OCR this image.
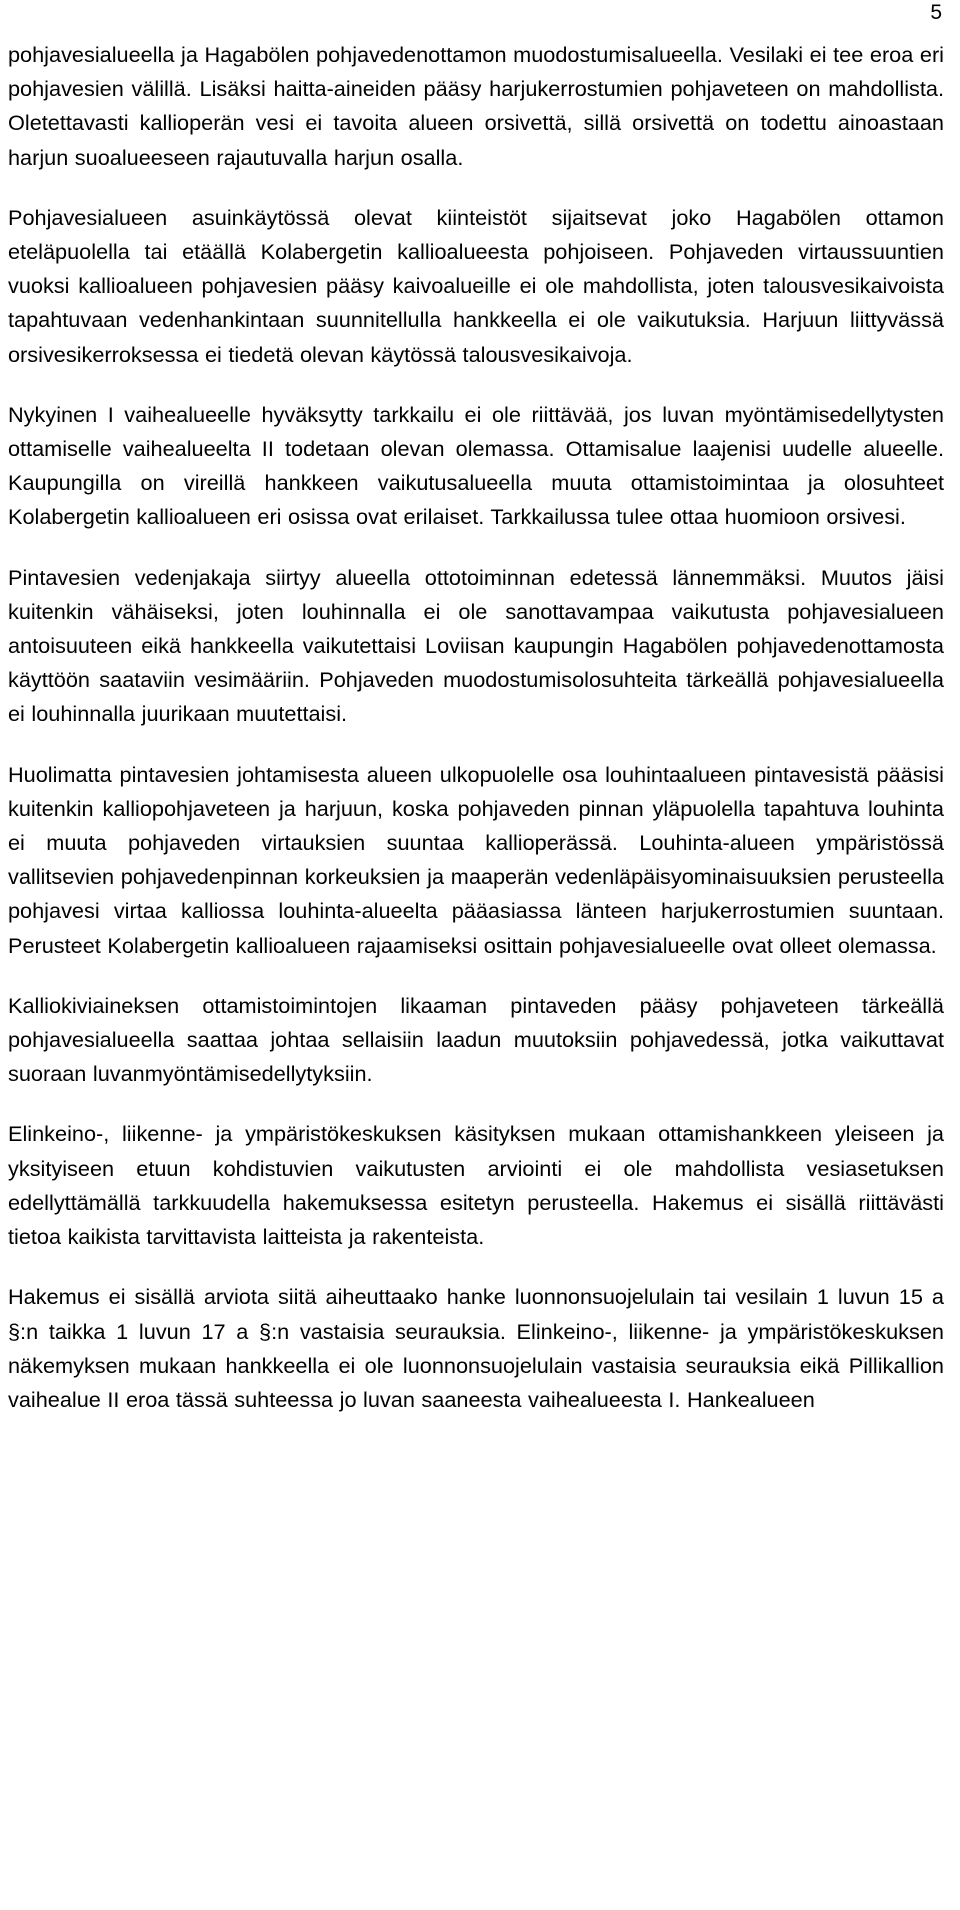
5

pohjavesialueella ja Hagabölen pohjavedenottamon muodostumisalueella. Vesilaki ei tee eroa eri pohjavesien välillä. Lisäksi haitta-aineiden pääsy harjukerrostumien pohjaveteen on mahdollista. Oletettavasti kallioperän vesi ei tavoita alueen orsivettä, sillä orsivettä on todettu ainoastaan harjun suoalueeseen rajautuvalla harjun osalla.

Pohjavesialueen asuinkäytössä olevat kiinteistöt sijaitsevat joko Hagabölen ottamon eteläpuolella tai etäällä Kolabergetin kallioalueesta pohjoiseen. Pohjaveden virtaussuuntien vuoksi kallioalueen pohjavesien pääsy kaivoalueille ei ole mahdollista, joten talousvesikaivoista tapahtuvaan vedenhankintaan suunnitellulla hankkeella ei ole vaikutuksia. Harjuun liittyvässä orsivesikerroksessa ei tiedetä olevan käytössä talousvesikaivoja.

Nykyinen I vaihealueelle hyväksytty tarkkailu ei ole riittävää, jos luvan myöntämisedellytysten ottamiselle vaihealueelta II todetaan olevan olemassa. Ottamisalue laajenisi uudelle alueelle. Kaupungilla on vireillä hankkeen vaikutusalueella muuta ottamistoimintaa ja olosuhteet Kolabergetin kallioalueen eri osissa ovat erilaiset. Tarkkailussa tulee ottaa huomioon orsivesi.

Pintavesien vedenjakaja siirtyy alueella ottotoiminnan edetessä lännemmäksi. Muutos jäisi kuitenkin vähäiseksi, joten louhinnalla ei ole sanottavampaa vaikutusta pohjavesialueen antoisuuteen eikä hankkeella vaikutettaisi Loviisan kaupungin Hagabölen pohjavedenottamosta käyttöön saataviin vesimääriin. Pohjaveden muodostumisolosuhteita tärkeällä pohjavesialueella ei louhinnalla juurikaan muutettaisi.

Huolimatta pintavesien johtamisesta alueen ulkopuolelle osa louhintaalueen pintavesistä pääsisi kuitenkin kalliopohjaveteen ja harjuun, koska pohjaveden pinnan yläpuolella tapahtuva louhinta ei muuta pohjaveden virtauksien suuntaa kallioperässä. Louhinta-alueen ympäristössä vallitsevien pohjavedenpinnan korkeuksien ja maaperän vedenläpäisyominaisuuksien perusteella pohjavesi virtaa kalliossa louhinta-alueelta pääasiassa länteen harjukerrostumien suuntaan. Perusteet Kolabergetin kallioalueen rajaamiseksi osittain pohjavesialueelle ovat olleet olemassa.

Kalliokiviaineksen ottamistoimintojen likaaman pintaveden pääsy pohjaveteen tärkeällä pohjavesialueella saattaa johtaa sellaisiin laadun muutoksiin pohjavedessä, jotka vaikuttavat suoraan luvanmyöntämisedellytyksiin.

Elinkeino-, liikenne- ja ympäristökeskuksen käsityksen mukaan ottamishankkeen yleiseen ja yksityiseen etuun kohdistuvien vaikutusten arviointi ei ole mahdollista vesiasetuksen edellyttämällä tarkkuudella hakemuksessa esitetyn perusteella. Hakemus ei sisällä riittävästi tietoa kaikista tarvittavista laitteista ja rakenteista.

Hakemus ei sisällä arviota siitä aiheuttaako hanke luonnonsuojelulain tai vesilain 1 luvun 15 a §:n taikka 1 luvun 17 a §:n vastaisia seurauksia. Elinkeino-, liikenne- ja ympäristökeskuksen näkemyksen mukaan hankkeella ei ole luonnonsuojelulain vastaisia seurauksia eikä Pillikallion vaihealue II eroa tässä suhteessa jo luvan saaneesta vaihealueesta I. Hankealueen
